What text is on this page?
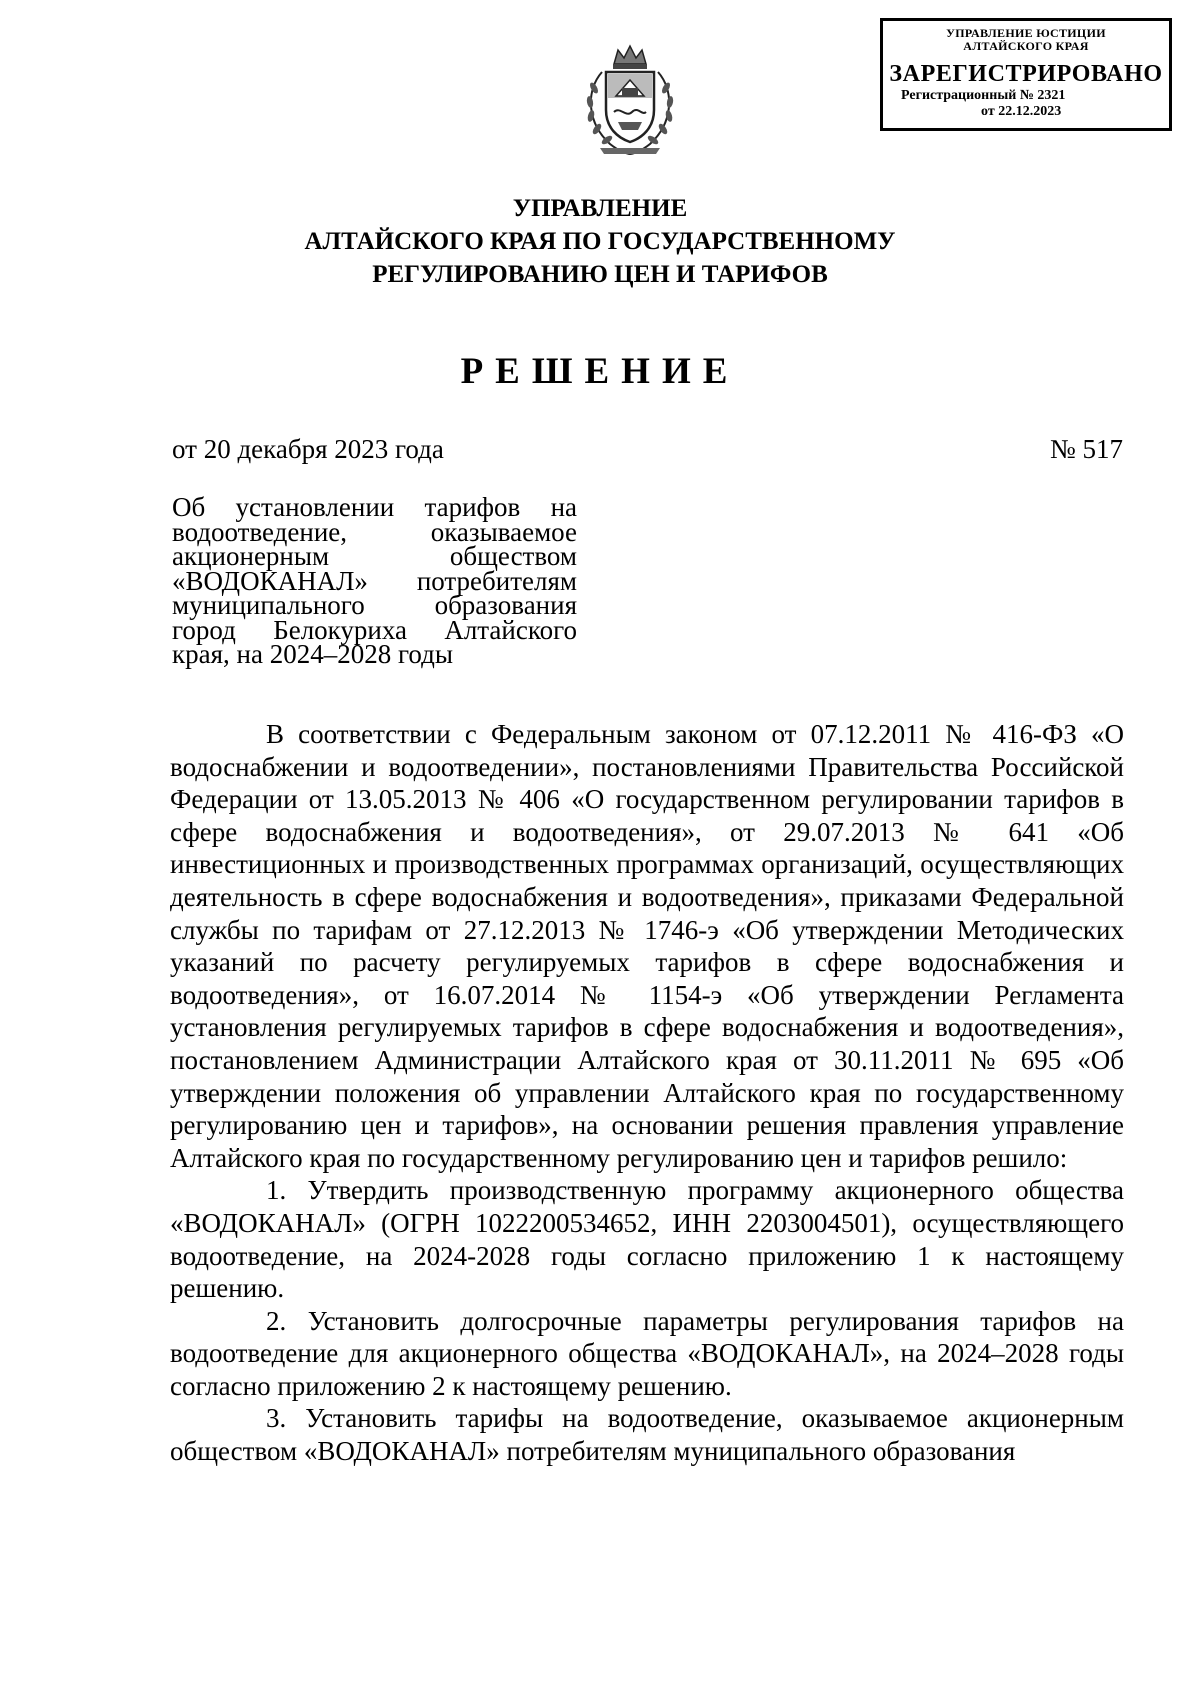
УПРАВЛЕНИЕ ЮСТИЦИИ
АЛТАЙСКОГО КРАЯ
ЗАРЕГИСТРИРОВАНО
Регистрационный № 2321
от 22.12.2023
УПРАВЛЕНИЕ
АЛТАЙСКОГО КРАЯ ПО ГОСУДАРСТВЕННОМУ
РЕГУЛИРОВАНИЮ ЦЕН И ТАРИФОВ
РЕШЕНИЕ
от 20 декабря 2023 года	№ 517
Об установлении тарифов на водоотведение, оказываемое акционерным обществом «ВОДОКАНАЛ» потребителям муниципального образования город Белокуриха Алтайского края, на 2024–2028 годы

В соответствии с Федеральным законом от 07.12.2011 № 416-ФЗ «О водоснабжении и водоотведении», постановлениями Правительства Российской Федерации от 13.05.2013 № 406 «О государственном регулировании тарифов в сфере водоснабжения и водоотведения», от 29.07.2013 № 641 «Об инвестиционных и производственных программах организаций, осуществляющих деятельность в сфере водоснабжения и водоотведения», приказами Федеральной службы по тарифам от 27.12.2013 № 1746-э «Об утверждении Методических указаний по расчету регулируемых тарифов в сфере водоснабжения и водоотведения», от 16.07.2014 № 1154-э «Об утверждении Регламента установления регулируемых тарифов в сфере водоснабжения и водоотведения», постановлением Администрации Алтайского края от 30.11.2011 № 695 «Об утверждении положения об управлении Алтайского края по государственному регулированию цен и тарифов», на основании решения правления управление Алтайского края по государственному регулированию цен и тарифов решило:

1. Утвердить производственную программу акционерного общества «ВОДОКАНАЛ» (ОГРН 1022200534652, ИНН 2203004501), осуществляющего водоотведение, на 2024-2028 годы согласно приложению 1 к настоящему решению.

2. Установить долгосрочные параметры регулирования тарифов на водоотведение для акционерного общества «ВОДОКАНАЛ», на 2024–2028 годы согласно приложению 2 к настоящему решению.

3. Установить тарифы на водоотведение, оказываемое акционерным обществом «ВОДОКАНАЛ» потребителям муниципального образования
